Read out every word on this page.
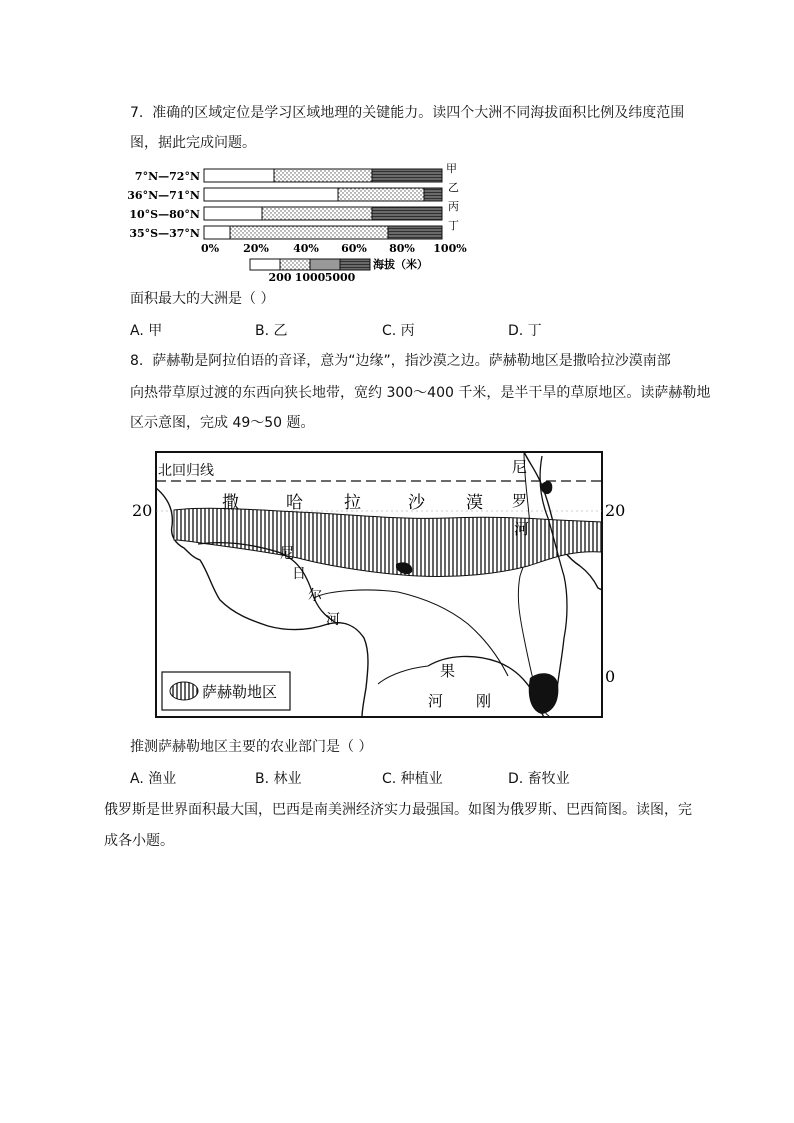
7. 准确的区域定位是学习区域地理的关键能力。读四个大洲不同海拔面积比例及纬度范围
图，据此完成问题。
7°N—72°N
36°N—71°N
10°S—80°N
35°S—37°N
甲
乙
丙
丁
0% 20% 40% 60% 80% 100%
海拔（米）
200 1000 5000
面积最大的大洲是（ ）
A. 甲	B. 乙	C. 丙	D. 丁
8. 萨赫勒是阿拉伯语的音译，意为“边缘”，指沙漠之边。萨赫勒地区是撒哈拉沙漠南部
向热带草原过渡的东西向狭长地带，宽约 300～400 千米，是半干旱的草原地区。读萨赫勒地
区示意图，完成 49～50 题。
北回归线
20	20
0
撒	哈 拉	沙 漠
尼
罗
河
尼
日
尔
河
果
河 刚
萨赫勒地区
推测萨赫勒地区主要的农业部门是（ ）
A. 渔业	B. 林业	C. 种植业	D. 畜牧业
俄罗斯是世界面积最大国，巴西是南美洲经济实力最强国。如图为俄罗斯、巴西简图。读图，完
成各小题。
